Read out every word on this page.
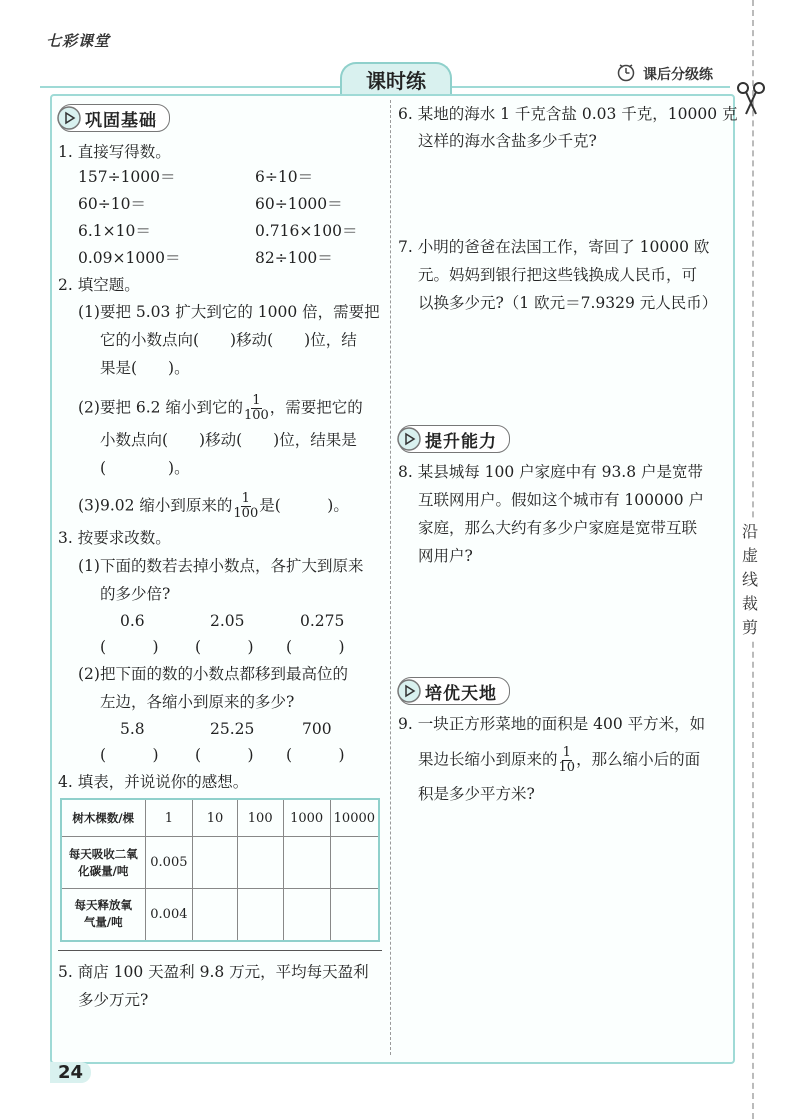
七彩课堂
课时练	课后分级练
沿
虚
线
裁
剪
24
巩固基础
1. 直接写得数。
157÷1000＝	6÷10＝
60÷10＝	60÷1000＝
6.1×10＝	0.716×100＝
0.09×1000＝	82÷100＝
2. 填空题。
(1)要把 5.03 扩大到它的 1000 倍，需要把
它的小数点向(　　)移动(　　)位，结
果是(　　)。
(2)要把 6.2 缩小到它的 $\frac{1}{100}$ ，需要把它的
小数点向(　　)移动(　　)位，结果是
(　　　　)。
(3)9.02 缩小到原来的 $\frac{1}{100}$ 是(　　　)。
3. 按要求改数。
(1)下面的数若去掉小数点，各扩大到原来
的多少倍?
0.6	2.05	0.275
(　　　) (　　　) (　　　)
(2)把下面的数的小数点都移到最高位的
左边，各缩小到原来的多少?
5.8	25.25	700
(　　　) (　　　) (　　　)
4. 填表，并说说你的感想。
树木棵数/棵	1	10	100	1000	10000

每天吸收二氧
化碳量/吨	0.005				

每天释放氧
气量/吨	0.004				
5. 商店 100 天盈利 9.8 万元，平均每天盈利
多少万元?
6. 某地的海水 1 千克含盐 0.03 千克，10000 克
这样的海水含盐多少千克?
7. 小明的爸爸在法国工作，寄回了 10000 欧
元。妈妈到银行把这些钱换成人民币，可
以换多少元?（1 欧元＝7.9329 元人民币）
提升能力
8. 某县城每 100 户家庭中有 93.8 户是宽带
互联网用户。假如这个城市有 100000 户
家庭，那么大约有多少户家庭是宽带互联
网用户?
培优天地
9. 一块正方形菜地的面积是 400 平方米，如
果边长缩小到原来的 $\frac{1}{10}$ ，那么缩小后的面
积是多少平方米?
